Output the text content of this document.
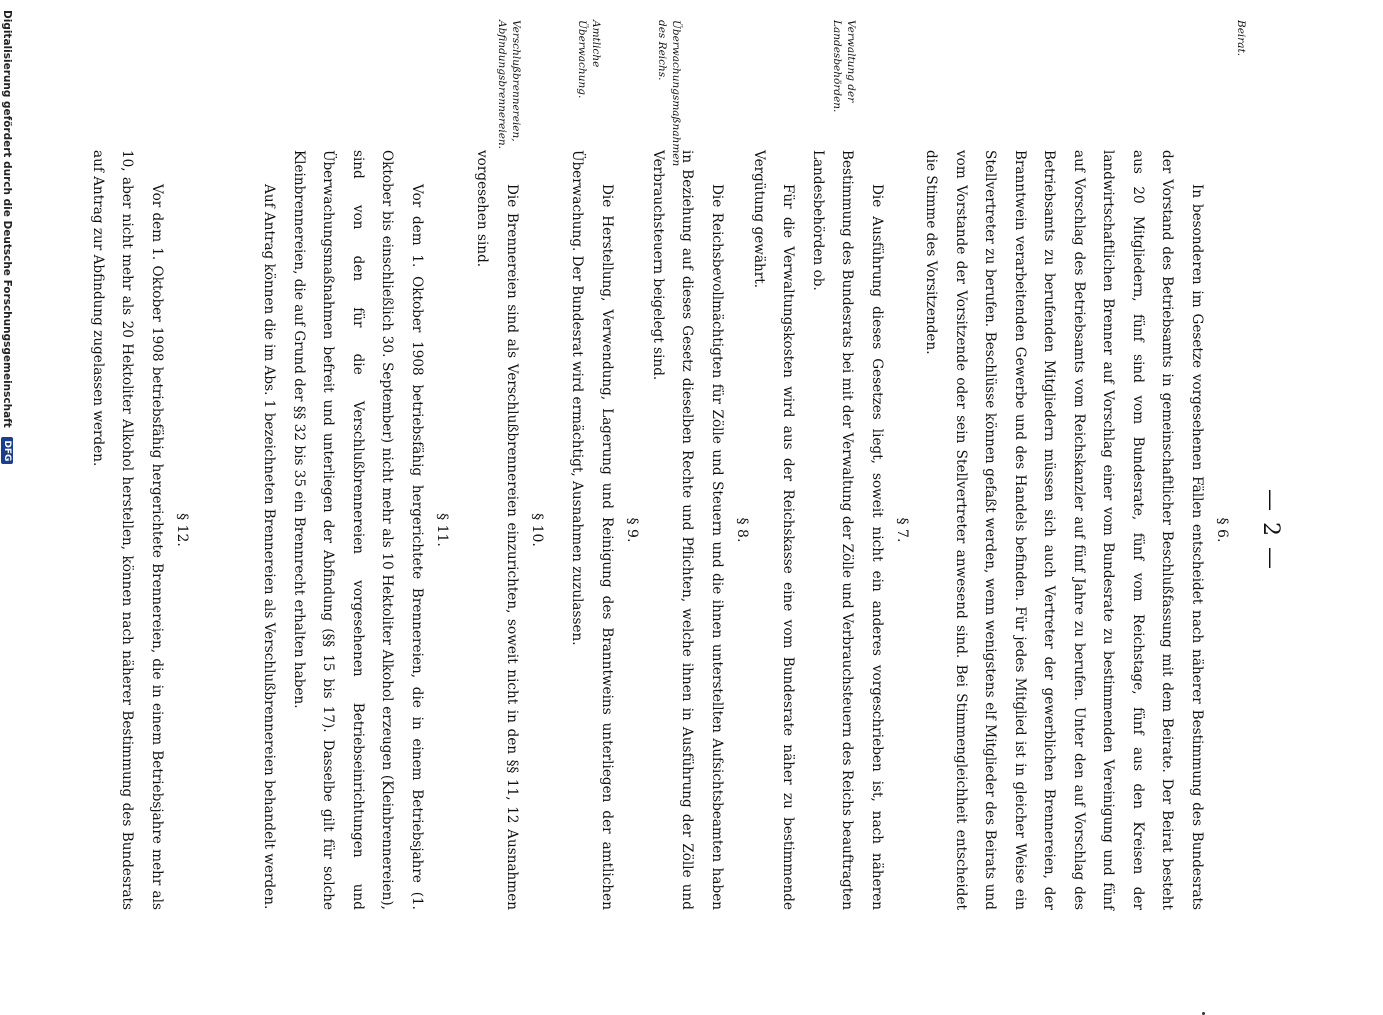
— 2 —
Beirat.
Verwaltung der Landesbehörden.
Überwachungsmaßnahmen des Reichs.
Amtliche Überwachung.
Verschlußbrennereien, Abfindungsbrennereien.

§ 6.

In besonderen im Gesetze vorgesehenen Fällen entscheidet nach näherer Bestimmung des Bundesrats der Vorstand des Betriebsamts in gemeinschaftlicher Beschlußfassung mit dem Beirate. Der Beirat besteht aus 20 Mitgliedern, fünf sind vom Bundesrate, fünf vom Reichstage, fünf aus den Kreisen der landwirtschaftlichen Brenner auf Vorschlag einer vom Bundesrate zu bestimmenden Vereinigung und fünf auf Vorschlag des Betriebsamts vom Reichskanzler auf fünf Jahre zu berufen. Unter den auf Vorschlag des Betriebsamts zu berufenden Mitgliedern müssen sich auch Vertreter der gewerblichen Brennereien, der Branntwein verarbeitenden Gewerbe und des Handels befinden. Für jedes Mitglied ist in gleicher Weise ein Stellvertreter zu berufen. Beschlüsse können gefaßt werden, wenn wenigstens elf Mitglieder des Beirats und vom Vorstande der Vorsitzende oder sein Stellvertreter anwesend sind. Bei Stimmengleichheit entscheidet die Stimme des Vorsitzenden.

§ 7.

Die Ausführung dieses Gesetzes liegt, soweit nicht ein anderes vorgeschrieben ist, nach näheren Bestimmung des Bundesrats bei mit der Verwaltung der Zölle und Verbrauchsteuern des Reichs beauftragten Landesbehörden ob.

Für die Verwaltungskosten wird aus der Reichskasse eine vom Bundesrate näher zu bestimmende Vergütung gewährt.

§ 8.

Die Reichsbevollmächtigten für Zölle und Steuern und die ihnen unterstellten Aufsichtsbeamten haben in Beziehung auf dieses Gesetz dieselben Rechte und Pflichten, welche ihnen in Ausführung der Zölle und Verbrauchsteuern beigelegt sind.

§ 9.

Die Herstellung, Verwendung, Lagerung und Reinigung des Branntweins unterliegen der amtlichen Überwachung. Der Bundesrat wird ermächtigt, Ausnahmen zuzulassen.

§ 10.

Die Brennereien sind als Verschlußbrennereien einzurichten, soweit nicht in den §§ 11, 12 Ausnahmen vorgesehen sind.

§ 11.

Vor dem 1. Oktober 1908 betriebsfähig hergerichtete Brennereien, die in einem Betriebsjahre (1. Oktober bis einschließlich 30. September) nicht mehr als 10 Hektoliter Alkohol erzeugen (Kleinbrennereien), sind von den für die Verschlußbrennereien vorgesehenen Betriebseinrichtungen und Überwachungsmaßnahmen befreit und unterliegen der Abfindung (§§ 15 bis 17). Dasselbe gilt für solche Kleinbrennereien, die auf Grund der §§ 32 bis 35 ein Brennrecht erhalten haben.

Auf Antrag können die im Abs. 1 bezeichneten Brennereien als Verschlußbrennereien behandelt werden.

§ 12.

Vor dem 1. Oktober 1908 betriebsfähig hergerichtete Brennereien, die in einem Betriebsjahre mehr als 10, aber nicht mehr als 20 Hektoliter Alkohol herstellen, können nach näherer Bestimmung des Bundesrats auf Antrag zur Abfindung zugelassen werden.

Digitalisierung gefördert durch die Deutsche Forschungsgemeinschaft DFG
